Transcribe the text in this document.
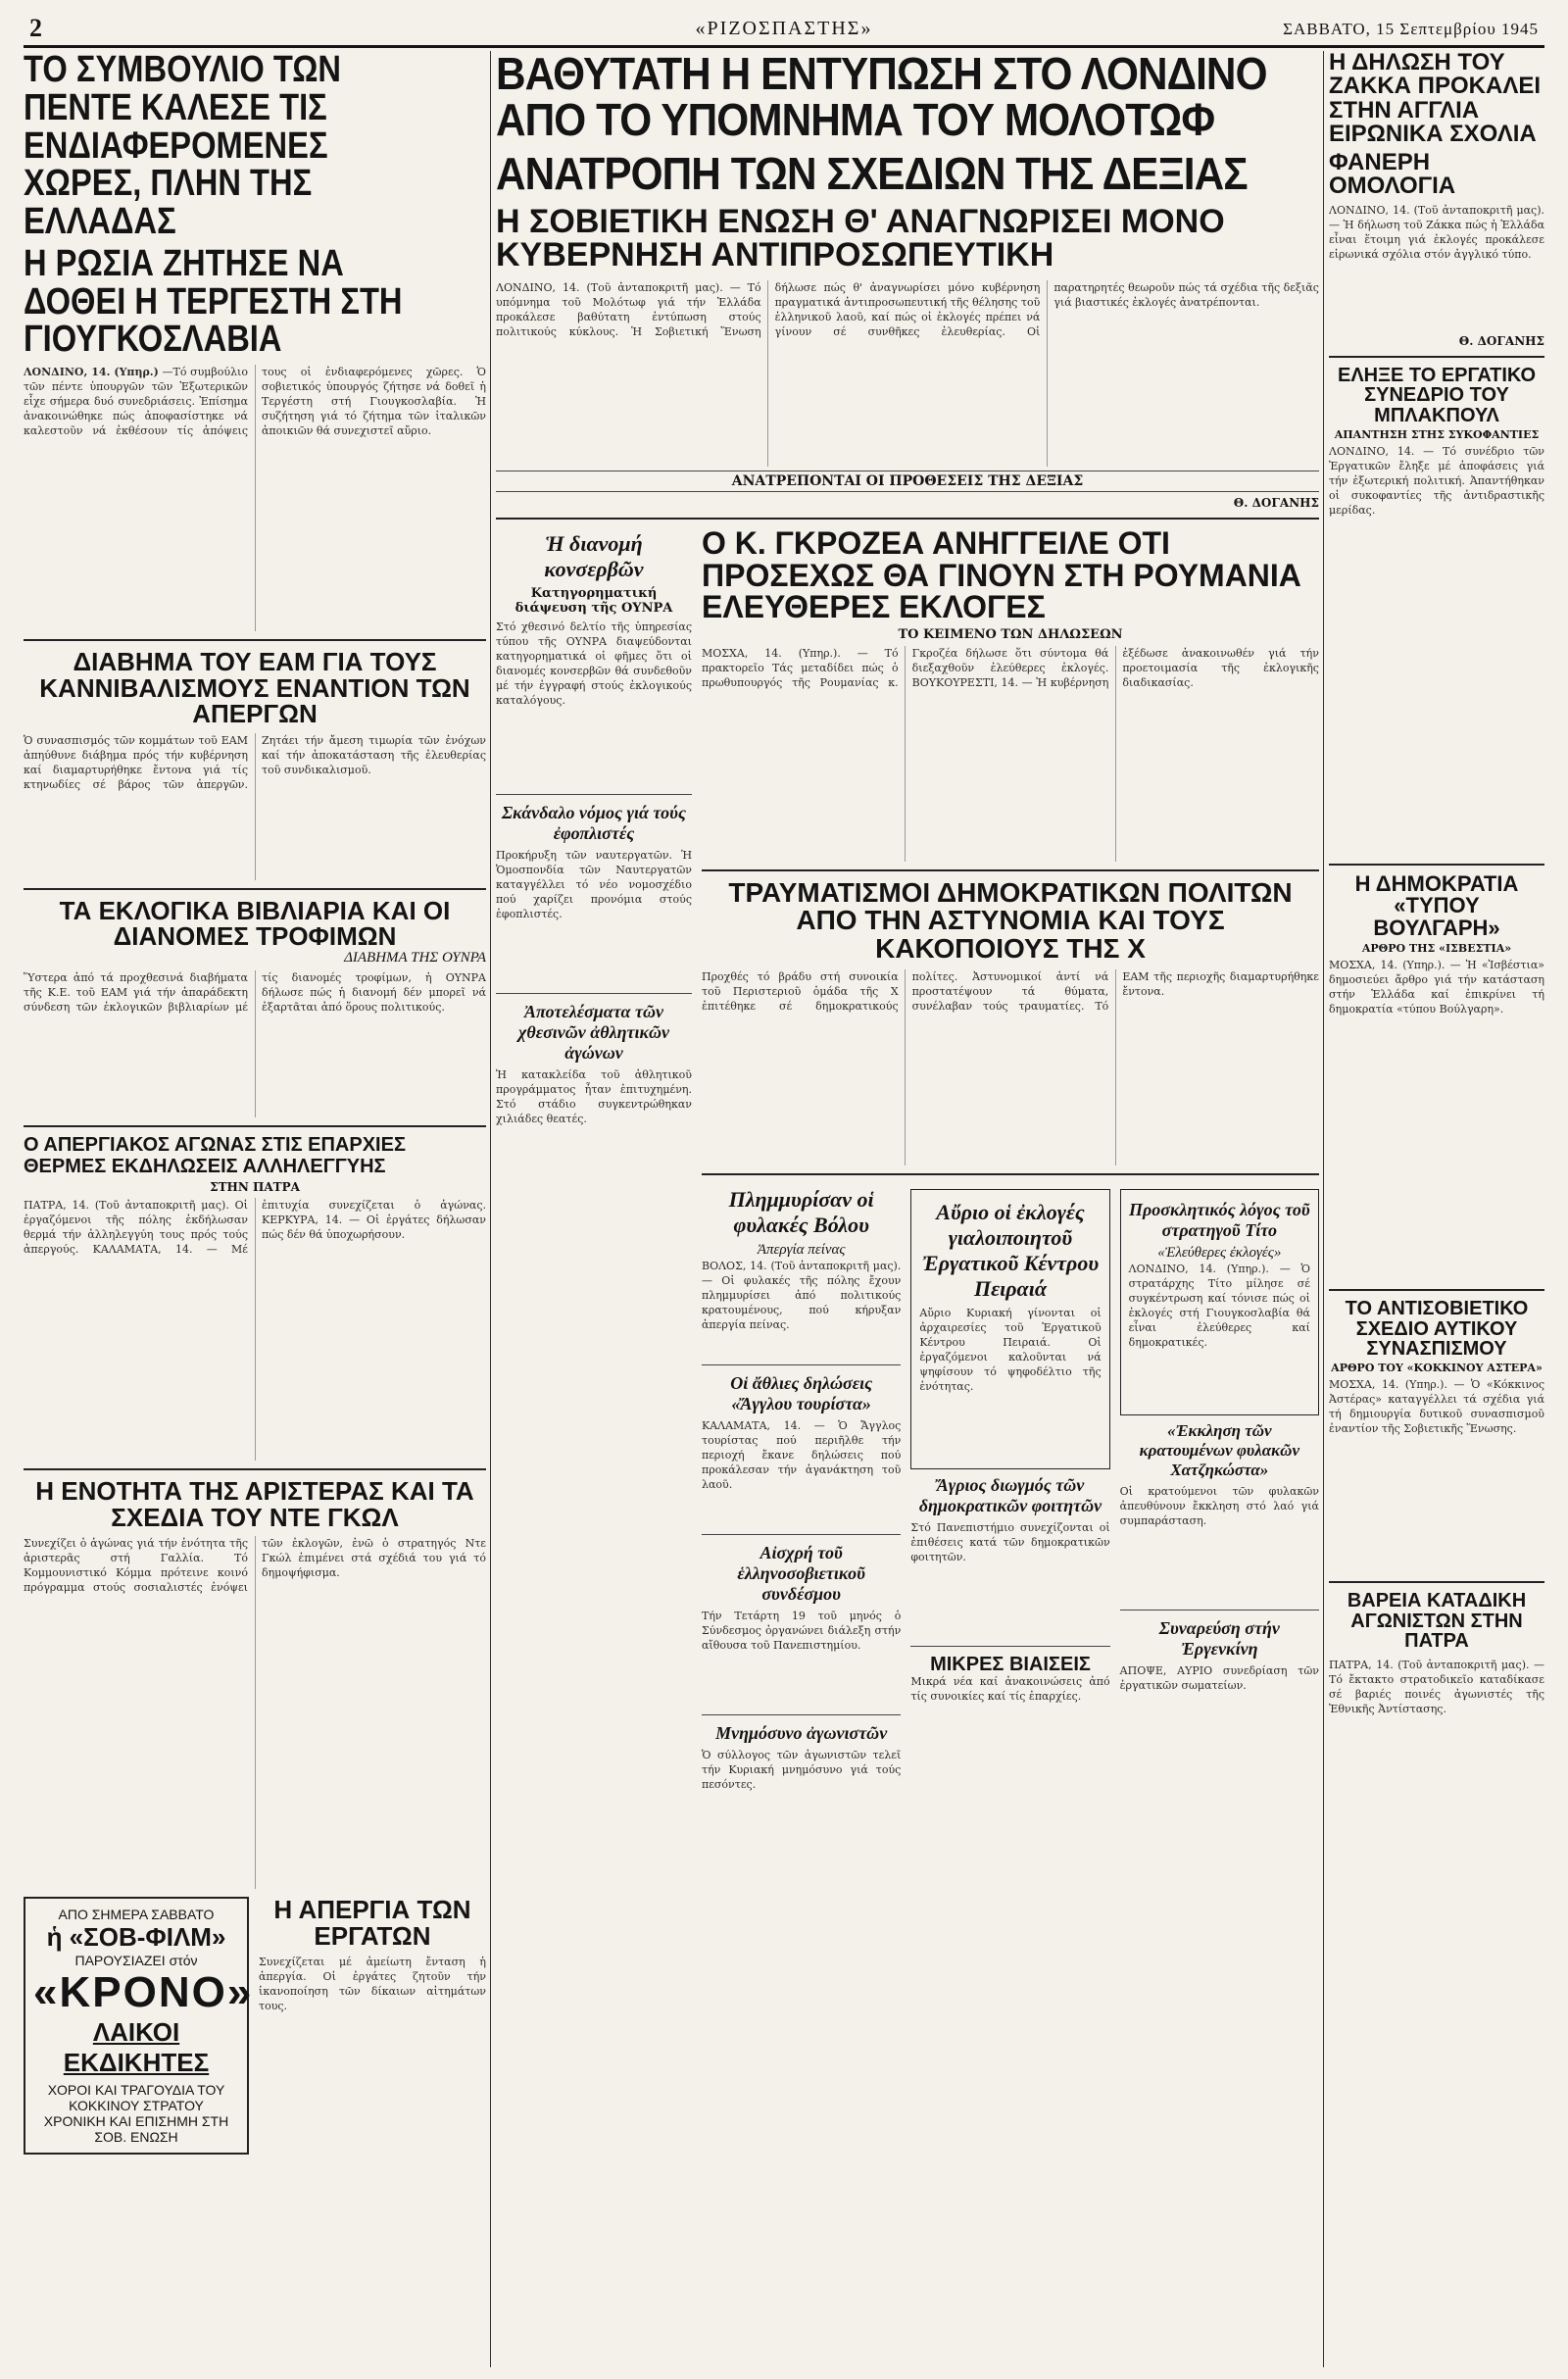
2	«ΡΙΖΟΣΠΑΣΤΗΣ»	ΣΑΒΒΑΤΟ, 15 Σεπτεμβρίου 1945
ΤΟ ΣΥΜΒΟΥΛΙΟ ΤΩΝ ΠΕΝΤΕ ΚΑΛΕΣΕ ΤΙΣ ΕΝΔΙΑΦΕΡΟΜΕΝΕΣ ΧΩΡΕΣ, ΠΛΗΝ ΤΗΣ ΕΛΛΑΔΑΣ
Η ΡΩΣΙΑ ΖΗΤΗΣΕ ΝΑ ΔΟΘΕΙ Η ΤΕΡΓΕΣΤΗ ΣΤΗ ΓΙΟΥΓΚΟΣΛΑΒΙΑ
ΛΟΝΔΙΝΟ, 14. (Υπηρ.) —Τό συμβούλιο τῶν πέντε ὑπουργῶν τῶν Ἐξωτερικῶν εἶχε σήμερα δυό συνεδριάσεις. Ἐπίσημα ἀνακοινώθηκε πώς ἀποφασίστηκε νά καλεστοῦν νά ἐκθέσουν τίς ἀπόψεις τους οἱ ἐνδιαφερόμενες χῶρες. Ὁ σοβιετικός ὑπουργός ζήτησε νά δοθεῖ ἡ Τεργέστη στή Γιουγκοσλαβία. Ἡ συζήτηση γιά τό ζήτημα τῶν ἰταλικῶν ἀποικιῶν θά συνεχιστεῖ αὔριο.
ΔΙΑΒΗΜΑ ΤΟΥ ΕΑΜ ΓΙΑ ΤΟΥΣ ΚΑΝΝΙΒΑΛΙΣΜΟΥΣ ΕΝΑΝΤΙΟΝ ΤΩΝ ΑΠΕΡΓΩΝ
Ὁ συνασπισμός τῶν κομμάτων τοῦ ΕΑΜ ἀπηύθυνε διάβημα πρός τήν κυβέρνηση καί διαμαρτυρήθηκε ἔντονα γιά τίς κτηνωδίες σέ βάρος τῶν ἀπεργῶν. Ζητάει τήν ἄμεση τιμωρία τῶν ἐνόχων καί τήν ἀποκατάσταση τῆς ἐλευθερίας τοῦ συνδικαλισμοῦ.
ΤΑ ΕΚΛΟΓΙΚΑ ΒΙΒΛΙΑΡΙΑ ΚΑΙ ΟΙ ΔΙΑΝΟΜΕΣ ΤΡΟΦΙΜΩΝ
ΔΙΑΒΗΜΑ ΤΗΣ ΟΥΝΡΑ
Ὕστερα ἀπό τά προχθεσινά διαβήματα τῆς Κ.Ε. τοῦ ΕΑΜ γιά τήν ἀπαράδεκτη σύνδεση τῶν ἐκλογικῶν βιβλιαρίων μέ τίς διανομές τροφίμων, ἡ ΟΥΝΡΑ δήλωσε πώς ἡ διανομή δέν μπορεῖ νά ἐξαρτᾶται ἀπό ὅρους πολιτικούς.
Ο ΑΠΕΡΓΙΑΚΟΣ ΑΓΩΝΑΣ ΣΤΙΣ ΕΠΑΡΧΙΕΣ
ΘΕΡΜΕΣ ΕΚΔΗΛΩΣΕΙΣ ΑΛΛΗΛΕΓΓΥΗΣ
ΣΤΗΝ ΠΑΤΡΑ
ΠΑΤΡΑ, 14. (Τοῦ ἀνταποκριτῆ μας). Οἱ ἐργαζόμενοι τῆς πόλης ἐκδήλωσαν θερμά τήν ἀλληλεγγύη τους πρός τούς ἀπεργούς. ΚΑΛΑΜΑΤΑ, 14. — Μέ ἐπιτυχία συνεχίζεται ὁ ἀγώνας. ΚΕΡΚΥΡΑ, 14. — Οἱ ἐργάτες δήλωσαν πώς δέν θά ὑποχωρήσουν.
Η ΕΝΟΤΗΤΑ ΤΗΣ ΑΡΙΣΤΕΡΑΣ ΚΑΙ ΤΑ ΣΧΕΔΙΑ ΤΟΥ ΝΤΕ ΓΚΩΛ
Συνεχίζει ὁ ἀγώνας γιά τήν ἑνότητα τῆς ἀριστερᾶς στή Γαλλία. Τό Κομμουνιστικό Κόμμα πρότεινε κοινό πρόγραμμα στούς σοσιαλιστές ἐνόψει τῶν ἐκλογῶν, ἐνῶ ὁ στρατηγός Ντε Γκώλ ἐπιμένει στά σχέδιά του γιά τό δημοψήφισμα.
ΑΠΟ ΣΗΜΕΡΑ ΣΑΒΒΑΤΟ
ἡ «ΣΟΒ-ΦΙΛΜ»
ΠΑΡΟΥΣΙΑΖΕΙ στόν
«ΚΡΟΝΟ»
ΛΑΙΚΟΙ ΕΚΔΙΚΗΤΕΣ
ΧΟΡΟΙ ΚΑΙ ΤΡΑΓΟΥΔΙΑ ΤΟΥ ΚΟΚΚΙΝΟΥ ΣΤΡΑΤΟΥ
ΧΡΟΝΙΚΗ ΚΑΙ ΕΠΙΣΗΜΗ ΣΤΗ ΣΟΒ. ΕΝΩΣΗ
Η ΑΠΕΡΓΙΑ ΤΩΝ ΕΡΓΑΤΩΝ
Συνεχίζεται μέ ἀμείωτη ἔνταση ἡ ἀπεργία. Οἱ ἐργάτες ζητοῦν τήν ἱκανοποίηση τῶν δίκαιων αἰτημάτων τους.
ΒΑΘΥΤΑΤΗ Η ΕΝΤΥΠΩΣΗ ΣΤΟ ΛΟΝΔΙΝΟ
ΑΠΟ ΤΟ ΥΠΟΜΝΗΜΑ ΤΟΥ ΜΟΛΟΤΩΦ
ΑΝΑΤΡΟΠΗ ΤΩΝ ΣΧΕΔΙΩΝ ΤΗΣ ΔΕΞΙΑΣ
Η ΣΟΒΙΕΤΙΚΗ ΕΝΩΣΗ Θ' ΑΝΑΓΝΩΡΙΣΕΙ ΜΟΝΟ ΚΥΒΕΡΝΗΣΗ ΑΝΤΙΠΡΟΣΩΠΕΥΤΙΚΗ
ΛΟΝΔΙΝΟ, 14. (Τοῦ ἀνταποκριτῆ μας). — Τό υπόμνημα τοῦ Μολότωφ γιά τήν Ἑλλάδα προκάλεσε βαθύτατη ἐντύπωση στούς πολιτικούς κύκλους. Ἡ Σοβιετική Ἕνωση δήλωσε πώς θ' ἀναγνωρίσει μόνο κυβέρνηση πραγματικά ἀντιπροσωπευτική τῆς θέλησης τοῦ ἑλληνικοῦ λαοῦ, καί πώς οἱ ἐκλογές πρέπει νά γίνουν σέ συνθῆκες ἐλευθερίας. Οἱ παρατηρητές θεωροῦν πώς τά σχέδια τῆς δεξιᾶς γιά βιαστικές ἐκλογές ἀνατρέπονται.
ΑΝΑΤΡΕΠΟΝΤΑΙ ΟΙ ΠΡΟΘΕΣΕΙΣ ΤΗΣ ΔΕΞΙΑΣ
Θ. ΔΟΓΑΝΗΣ
Ἡ διανομή κονσερβῶν
Κατηγορηματική διάψευση τῆς ΟΥΝΡΑ
Στό χθεσινό δελτίο τῆς ὑπηρεσίας τύπου τῆς ΟΥΝΡΑ διαψεύδονται κατηγορηματικά οἱ φῆμες ὅτι οἱ διανομές κονσερβῶν θά συνδεθοῦν μέ τήν ἐγγραφή στούς ἐκλογικούς καταλόγους.
Σκάνδαλο νόμος γιά τούς ἐφοπλιστές
Προκήρυξη τῶν ναυτεργατῶν. Ἡ Ὁμοσπονδία τῶν Ναυτεργατῶν καταγγέλλει τό νέο νομοσχέδιο πού χαρίζει προνόμια στούς ἐφοπλιστές.
Ἀποτελέσματα τῶν χθεσινῶν ἀθλητικῶν ἀγώνων
Ἡ κατακλείδα τοῦ ἀθλητικοῦ προγράμματος ἦταν ἐπιτυχημένη. Στό στάδιο συγκεντρώθηκαν χιλιάδες θεατές.
Ο Κ. ΓΚΡΟΖΕΑ ΑΝΗΓΓΕΙΛΕ ΟΤΙ ΠΡΟΣΕΧΩΣ ΘΑ ΓΙΝΟΥΝ ΣΤΗ ΡΟΥΜΑΝΙΑ ΕΛΕΥΘΕΡΕΣ ΕΚΛΟΓΕΣ
ΤΟ ΚΕΙΜΕΝΟ ΤΩΝ ΔΗΛΩΣΕΩΝ
ΜΟΣΧΑ, 14. (Υπηρ.). — Τό πρακτορεῖο Τάς μεταδίδει πώς ὁ πρωθυπουργός τῆς Ρουμανίας κ. Γκροζέα δήλωσε ὅτι σύντομα θά διεξαχθοῦν ἐλεύθερες ἐκλογές. ΒΟΥΚΟΥΡΕΣΤΙ, 14. — Ἡ κυβέρνηση ἐξέδωσε ἀνακοινωθέν γιά τήν προετοιμασία τῆς ἐκλογικῆς διαδικασίας.
ΤΡΑΥΜΑΤΙΣΜΟΙ ΔΗΜΟΚΡΑΤΙΚΩΝ ΠΟΛΙΤΩΝ ΑΠΟ ΤΗΝ ΑΣΤΥΝΟΜΙΑ ΚΑΙ ΤΟΥΣ ΚΑΚΟΠΟΙΟΥΣ ΤΗΣ Χ
Προχθές τό βράδυ στή συνοικία τοῦ Περιστεριοῦ ὁμάδα τῆς Χ ἐπιτέθηκε σέ δημοκρατικούς πολίτες. Ἀστυνομικοί ἀντί νά προστατέψουν τά θύματα, συνέλαβαν τούς τραυματίες. Τό ΕΑΜ τῆς περιοχῆς διαμαρτυρήθηκε ἔντονα.
Πλημμυρίσαν οἱ φυλακές Βόλου
Ἀπεργία πείνας
ΒΟΛΟΣ, 14. (Τοῦ ἀνταποκριτῆ μας). — Οἱ φυλακές τῆς πόλης ἔχουν πλημμυρίσει ἀπό πολιτικούς κρατουμένους, πού κήρυξαν ἀπεργία πείνας.
Οἱ ἄθλιες δηλώσεις «Ἄγγλου τουρίστα»
ΚΑΛΑΜΑΤΑ, 14. — Ὁ Ἄγγλος τουρίστας πού περιῆλθε τήν περιοχή ἔκανε δηλώσεις πού προκάλεσαν τήν ἀγανάκτηση τοῦ λαοῦ.
Αἰσχρή τοῦ ἑλληνοσοβιετικοῦ συνδέσμου
Τήν Τετάρτη 19 τοῦ μηνός ὁ Σύνδεσμος ὀργανώνει διάλεξη στήν αἴθουσα τοῦ Πανεπιστημίου.
Μνημόσυνο ἀγωνιστῶν
Ὁ σύλλογος τῶν ἀγωνιστῶν τελεῖ τήν Κυριακή μνημόσυνο γιά τούς πεσόντες.
Αὔριο οἱ ἐκλογές γιαλοιποιητοῦ Ἐργατικοῦ Κέντρου Πειραιά
Αὔριο Κυριακή γίνονται οἱ ἀρχαιρεσίες τοῦ Ἐργατικοῦ Κέντρου Πειραιά. Οἱ ἐργαζόμενοι καλοῦνται νά ψηφίσουν τό ψηφοδέλτιο τῆς ἑνότητας.
Ἄγριος διωγμός τῶν δημοκρατικῶν φοιτητῶν
Στό Πανεπιστήμιο συνεχίζονται οἱ ἐπιθέσεις κατά τῶν δημοκρατικῶν φοιτητῶν.
ΜΙΚΡΕΣ ΒΙΑΙΣΕΙΣ
Μικρά νέα καί ἀνακοινώσεις ἀπό τίς συνοικίες καί τίς ἐπαρχίες.
Προσκλητικός λόγος τοῦ στρατηγοῦ Τίτο
«Ἐλεύθερες ἐκλογές»
ΛΟΝΔΙΝΟ, 14. (Υπηρ.). — Ὁ στρατάρχης Τίτο μίλησε σέ συγκέντρωση καί τόνισε πώς οἱ ἐκλογές στή Γιουγκοσλαβία θά εἶναι ἐλεύθερες καί δημοκρατικές.
«Ἐκκληση τῶν κρατουμένων φυλακῶν Χατζηκώστα»
Οἱ κρατούμενοι τῶν φυλακῶν ἀπευθύνουν ἔκκληση στό λαό γιά συμπαράσταση.
Συναρεύση στήν Ἐργενκίνη
ΑΠΟΨΕ, ΑΥΡΙΟ συνεδρίαση τῶν ἐργατικῶν σωματείων.
Η ΔΗΛΩΣΗ ΤΟΥ ΖΑΚΚΑ ΠΡΟΚΑΛΕΙ ΣΤΗΝ ΑΓΓΛΙΑ ΕΙΡΩΝΙΚΑ ΣΧΟΛΙΑ
ΦΑΝΕΡΗ ΟΜΟΛΟΓΙΑ
ΛΟΝΔΙΝΟ, 14. (Τοῦ ἀνταποκριτῆ μας). — Ἡ δήλωση τοῦ Ζάκκα πώς ἡ Ἑλλάδα εἶναι ἕτοιμη γιά ἐκλογές προκάλεσε εἰρωνικά σχόλια στόν ἀγγλικό τύπο.
Θ. ΔΟΓΑΝΗΣ
ΕΛΗΞΕ ΤΟ ΕΡΓΑΤΙΚΟ ΣΥΝΕΔΡΙΟ ΤΟΥ ΜΠΛΑΚΠΟΥΛ
ΑΠΑΝΤΗΣΗ ΣΤΗΣ ΣΥΚΟΦΑΝΤΙΕΣ
ΛΟΝΔΙΝΟ, 14. — Τό συνέδριο τῶν Ἐργατικῶν ἔληξε μέ ἀποφάσεις γιά τήν ἐξωτερική πολιτική. Ἀπαντήθηκαν οἱ συκοφαντίες τῆς ἀντιδραστικῆς μερίδας.
Η ΔΗΜΟΚΡΑΤΙΑ «ΤΥΠΟΥ ΒΟΥΛΓΑΡΗ»
ΑΡΘΡΟ ΤΗΣ «ΙΣΒΕΣΤΙΑ»
ΜΟΣΧΑ, 14. (Υπηρ.). — Ἡ «Ἰσβέστια» δημοσιεύει ἄρθρο γιά τήν κατάσταση στήν Ἑλλάδα καί ἐπικρίνει τή δημοκρατία «τύπου Βούλγαρη».
ΤΟ ΑΝΤΙΣΟΒΙΕΤΙΚΟ ΣΧΕΔΙΟ ΑΥΤΙΚΟΥ ΣΥΝΑΣΠΙΣΜΟΥ
ΑΡΘΡΟ ΤΟΥ «ΚΟΚΚΙΝΟΥ ΑΣΤΕΡΑ»
ΜΟΣΧΑ, 14. (Υπηρ.). — Ὁ «Κόκκινος Ἀστέρας» καταγγέλλει τά σχέδια γιά τή δημιουργία δυτικοῦ συνασπισμοῦ ἐναντίον τῆς Σοβιετικῆς Ἕνωσης.
ΒΑΡΕΙΑ ΚΑΤΑΔΙΚΗ ΑΓΩΝΙΣΤΩΝ ΣΤΗΝ ΠΑΤΡΑ
ΠΑΤΡΑ, 14. (Τοῦ ἀνταποκριτῆ μας). — Τό ἔκτακτο στρατοδικεῖο καταδίκασε σέ βαριές ποινές ἀγωνιστές τῆς Ἐθνικῆς Ἀντίστασης.
